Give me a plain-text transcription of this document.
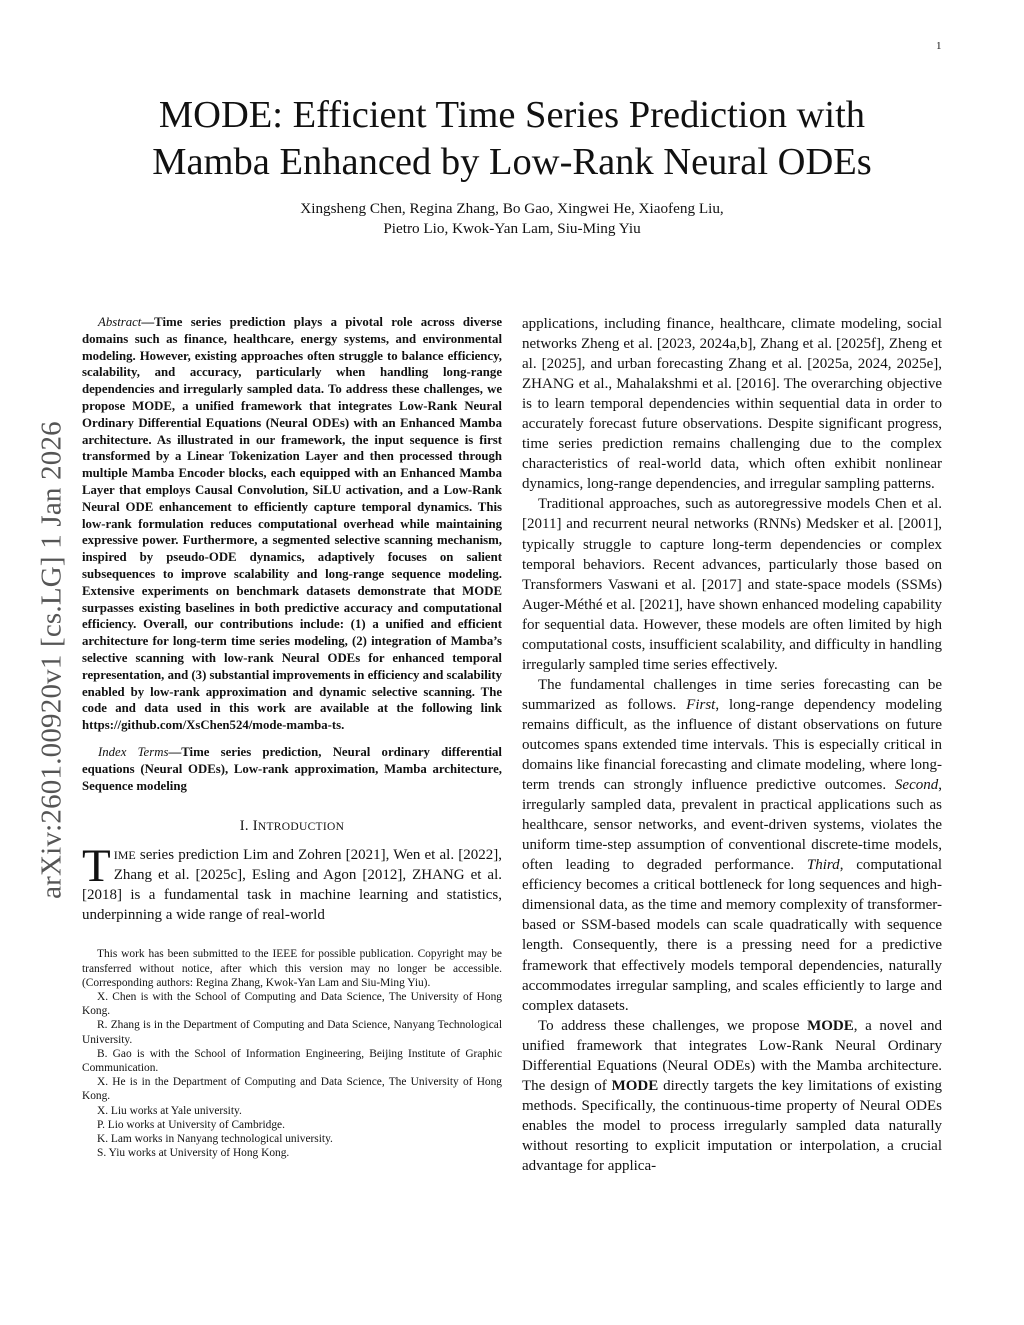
1
arXiv:2601.00920v1 [cs.LG] 1 Jan 2026
MODE: Efficient Time Series Prediction with
Mamba Enhanced by Low-Rank Neural ODEs
Xingsheng Chen, Regina Zhang, Bo Gao, Xingwei He, Xiaofeng Liu,
Pietro Lio, Kwok-Yan Lam, Siu-Ming Yiu

Abstract—Time series prediction plays a pivotal role across diverse domains such as finance, healthcare, energy systems, and environmental modeling. However, existing approaches often struggle to balance efficiency, scalability, and accuracy, particularly when handling long-range dependencies and irregularly sampled data. To address these challenges, we propose MODE, a unified framework that integrates Low-Rank Neural Ordinary Differential Equations (Neural ODEs) with an Enhanced Mamba architecture. As illustrated in our framework, the input sequence is first transformed by a Linear Tokenization Layer and then processed through multiple Mamba Encoder blocks, each equipped with an Enhanced Mamba Layer that employs Causal Convolution, SiLU activation, and a Low-Rank Neural ODE enhancement to efficiently capture temporal dynamics. This low-rank formulation reduces computational overhead while maintaining expressive power. Furthermore, a segmented selective scanning mechanism, inspired by pseudo-ODE dynamics, adaptively focuses on salient subsequences to improve scalability and long-range sequence modeling. Extensive experiments on benchmark datasets demonstrate that MODE surpasses existing baselines in both predictive accuracy and computational efficiency. Overall, our contributions include: (1) a unified and efficient architecture for long-term time series modeling, (2) integration of Mamba’s selective scanning with low-rank Neural ODEs for enhanced temporal representation, and (3) substantial improvements in efficiency and scalability enabled by low-rank approximation and dynamic selective scanning. The code and data used in this work are available at the following link https://github.com/XsChen524/mode-mamba-ts.

Index Terms—Time series prediction, Neural ordinary differential equations (Neural ODEs), Low-rank approximation, Mamba architecture, Sequence modeling

I. INTRODUCTION

TIME series prediction Lim and Zohren [2021], Wen et al. [2022], Zhang et al. [2025c], Esling and Agon [2012], ZHANG et al. [2018] is a fundamental task in machine learning and statistics, underpinning a wide range of real-world

This work has been submitted to the IEEE for possible publication. Copyright may be transferred without notice, after which this version may no longer be accessible. (Corresponding authors: Regina Zhang, Kwok-Yan Lam and Siu-Ming Yiu).

X. Chen is with the School of Computing and Data Science, The University of Hong Kong.

R. Zhang is in the Department of Computing and Data Science, Nanyang Technological University.

B. Gao is with the School of Information Engineering, Beijing Institute of Graphic Communication.

X. He is in the Department of Computing and Data Science, The University of Hong Kong.

X. Liu works at Yale university.

P. Lio works at University of Cambridge.

K. Lam works in Nanyang technological university.

S. Yiu works at University of Hong Kong.

applications, including finance, healthcare, climate modeling, social networks Zheng et al. [2023, 2024a,b], Zhang et al. [2025f], Zheng et al. [2025], and urban forecasting Zhang et al. [2025a, 2024, 2025e], ZHANG et al., Mahalakshmi et al. [2016]. The overarching objective is to learn temporal dependencies within sequential data in order to accurately forecast future observations. Despite significant progress, time series prediction remains challenging due to the complex characteristics of real-world data, which often exhibit nonlinear dynamics, long-range dependencies, and irregular sampling patterns.

Traditional approaches, such as autoregressive models Chen et al. [2011] and recurrent neural networks (RNNs) Medsker et al. [2001], typically struggle to capture long-term dependencies or complex temporal behaviors. Recent advances, particularly those based on Transformers Vaswani et al. [2017] and state-space models (SSMs) Auger-Méthé et al. [2021], have shown enhanced modeling capability for sequential data. However, these models are often limited by high computational costs, insufficient scalability, and difficulty in handling irregularly sampled time series effectively.

The fundamental challenges in time series forecasting can be summarized as follows. First, long-range dependency modeling remains difficult, as the influence of distant observations on future outcomes spans extended time intervals. This is especially critical in domains like financial forecasting and climate modeling, where long-term trends can strongly influence predictive outcomes. Second, irregularly sampled data, prevalent in practical applications such as healthcare, sensor networks, and event-driven systems, violates the uniform time-step assumption of conventional discrete-time models, often leading to degraded performance. Third, computational efficiency becomes a critical bottleneck for long sequences and high-dimensional data, as the time and memory complexity of transformer-based or SSM-based models can scale quadratically with sequence length. Consequently, there is a pressing need for a predictive framework that effectively models temporal dependencies, naturally accommodates irregular sampling, and scales efficiently to large and complex datasets.

To address these challenges, we propose MODE, a novel and unified framework that integrates Low-Rank Neural Ordinary Differential Equations (Neural ODEs) with the Mamba architecture. The design of MODE directly targets the key limitations of existing methods. Specifically, the continuous-time property of Neural ODEs enables the model to process irregularly sampled data naturally without resorting to explicit imputation or interpolation, a crucial advantage for applica-
